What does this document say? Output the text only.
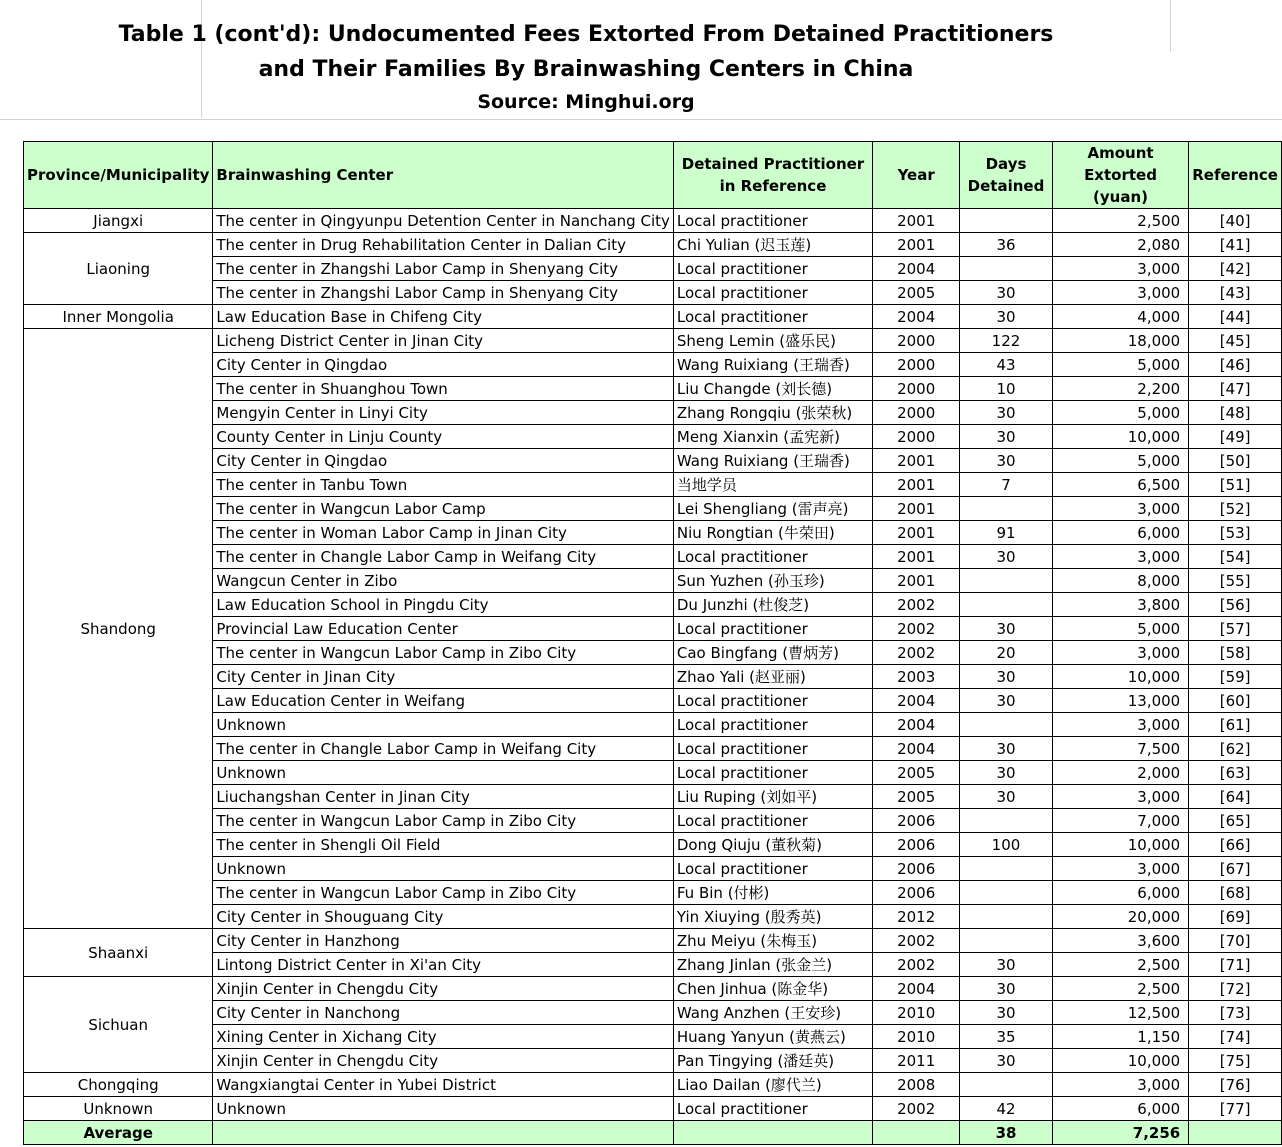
Table 1 (cont'd): Undocumented Fees Extorted From Detained Practitioners
and Their Families By Brainwashing Centers in China
Source: Minghui.org
Province/Municipality	Brainwashing Center	Detained Practitioner in Reference	Year	Days Detained	Amount Extorted (yuan)	Reference
Jiangxi	The center in Qingyunpu Detention Center in Nanchang City	Local practitioner	2001		2,500	[40]
Liaoning	The center in Drug Rehabilitation Center in Dalian City	Chi Yulian (迟玉莲)	2001	36	2,080	[41]
	The center in Zhangshi Labor Camp in Shenyang City	Local practitioner	2004		3,000	[42]
	The center in Zhangshi Labor Camp in Shenyang City	Local practitioner	2005	30	3,000	[43]
Inner Mongolia	Law Education Base in Chifeng City	Local practitioner	2004	30	4,000	[44]
Shandong	Licheng District Center in Jinan City	Sheng Lemin (盛乐民)	2000	122	18,000	[45]
	City Center in Qingdao	Wang Ruixiang (王瑞香)	2000	43	5,000	[46]
	The center in Shuanghou Town	Liu Changde (刘长德)	2000	10	2,200	[47]
	Mengyin Center in Linyi City	Zhang Rongqiu (张荣秋)	2000	30	5,000	[48]
	County Center in Linju County	Meng Xianxin (孟宪新)	2000	30	10,000	[49]
	City Center in Qingdao	Wang Ruixiang (王瑞香)	2001	30	5,000	[50]
	The center in Tanbu Town	当地学员	2001	7	6,500	[51]
	The center in Wangcun Labor Camp	Lei Shengliang (雷声亮)	2001		3,000	[52]
	The center in Woman Labor Camp in Jinan City	Niu Rongtian (牛荣田)	2001	91	6,000	[53]
	The center in Changle Labor Camp in Weifang City	Local practitioner	2001	30	3,000	[54]
	Wangcun Center in Zibo	Sun Yuzhen (孙玉珍)	2001		8,000	[55]
	Law Education School in Pingdu City	Du Junzhi (杜俊芝)	2002		3,800	[56]
	Provincial Law Education Center	Local practitioner	2002	30	5,000	[57]
	The center in Wangcun Labor Camp in Zibo City	Cao Bingfang (曹炳芳)	2002	20	3,000	[58]
	City Center in Jinan City	Zhao Yali (赵亚丽)	2003	30	10,000	[59]
	Law Education Center in Weifang	Local practitioner	2004	30	13,000	[60]
	Unknown	Local practitioner	2004		3,000	[61]
	The center in Changle Labor Camp in Weifang City	Local practitioner	2004	30	7,500	[62]
	Unknown	Local practitioner	2005	30	2,000	[63]
	Liuchangshan Center in Jinan City	Liu Ruping (刘如平)	2005	30	3,000	[64]
	The center in Wangcun Labor Camp in Zibo City	Local practitioner	2006		7,000	[65]
	The center in Shengli Oil Field	Dong Qiuju (董秋菊)	2006	100	10,000	[66]
	Unknown	Local practitioner	2006		3,000	[67]
	The center in Wangcun Labor Camp in Zibo City	Fu Bin (付彬)	2006		6,000	[68]
	City Center in Shouguang City	Yin Xiuying (殷秀英)	2012		20,000	[69]
Shaanxi	City Center in Hanzhong	Zhu Meiyu (朱梅玉)	2002		3,600	[70]
	Lintong District Center in Xi'an City	Zhang Jinlan (张金兰)	2002	30	2,500	[71]
Sichuan	Xinjin Center in Chengdu City	Chen Jinhua (陈金华)	2004	30	2,500	[72]
	City Center in Nanchong	Wang Anzhen (王安珍)	2010	30	12,500	[73]
	Xining Center in Xichang City	Huang Yanyun (黄燕云)	2010	35	1,150	[74]
	Xinjin Center in Chengdu City	Pan Tingying (潘廷英)	2011	30	10,000	[75]
Chongqing	Wangxiangtai Center in Yubei District	Liao Dailan (廖代兰)	2008		3,000	[76]
Unknown	Unknown	Local practitioner	2002	42	6,000	[77]
Average				38	7,256	
